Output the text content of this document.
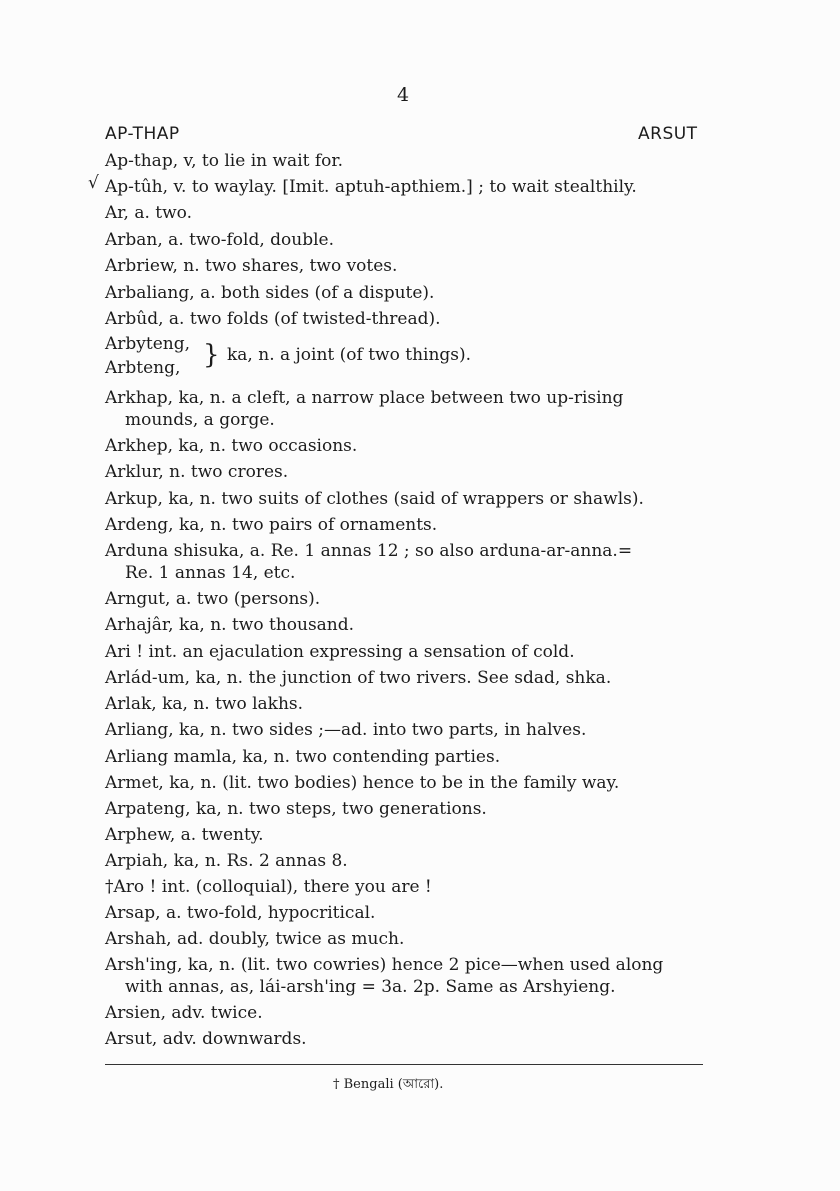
4
AP-THAP	ARSUT
√
Ap-thap, v, to lie in wait for.
Ap-tûh, v. to waylay. [Imit. aptuh-apthiem.] ; to wait stealthily.
Ar, a. two.
Arban, a. two-fold, double.
Arbriew, n. two shares, two votes.
Arbaliang, a. both sides (of a dispute).
Arbûd, a. two folds (of twisted-thread).
Arbyteng,
Arbteng, } ka, n. a joint (of two things).
Arkhap, ka, n. a cleft, a narrow place between two up-rising
mounds, a gorge.
Arkhep, ka, n. two occasions.
Arklur, n. two crores.
Arkup, ka, n. two suits of clothes (said of wrappers or shawls).
Ardeng, ka, n. two pairs of ornaments.
Arduna shisuka, a. Re. 1 annas 12 ; so also arduna-ar-anna.=
Re. 1 annas 14, etc.
Arngut, a. two (persons).
Arhajâr, ka, n. two thousand.
Ari ! int. an ejaculation expressing a sensation of cold.
Arlád-um, ka, n. the junction of two rivers. See sdad, shka.
Arlak, ka, n. two lakhs.
Arliang, ka, n. two sides ;—ad. into two parts, in halves.
Arliang mamla, ka, n. two contending parties.
Armet, ka, n. (lit. two bodies) hence to be in the family way.
Arpateng, ka, n. two steps, two generations.
Arphew, a. twenty.
Arpiah, ka, n. Rs. 2 annas 8.
†Aro ! int. (colloquial), there you are !
Arsap, a. two-fold, hypocritical.
Arshah, ad. doubly, twice as much.
Arsh'ing, ka, n. (lit. two cowries) hence 2 pice—when used along
with annas, as, lái-arsh'ing = 3a. 2p. Same as Arshyieng.
Arsien, adv. twice.
Arsut, adv. downwards.
† Bengali (আরো).
